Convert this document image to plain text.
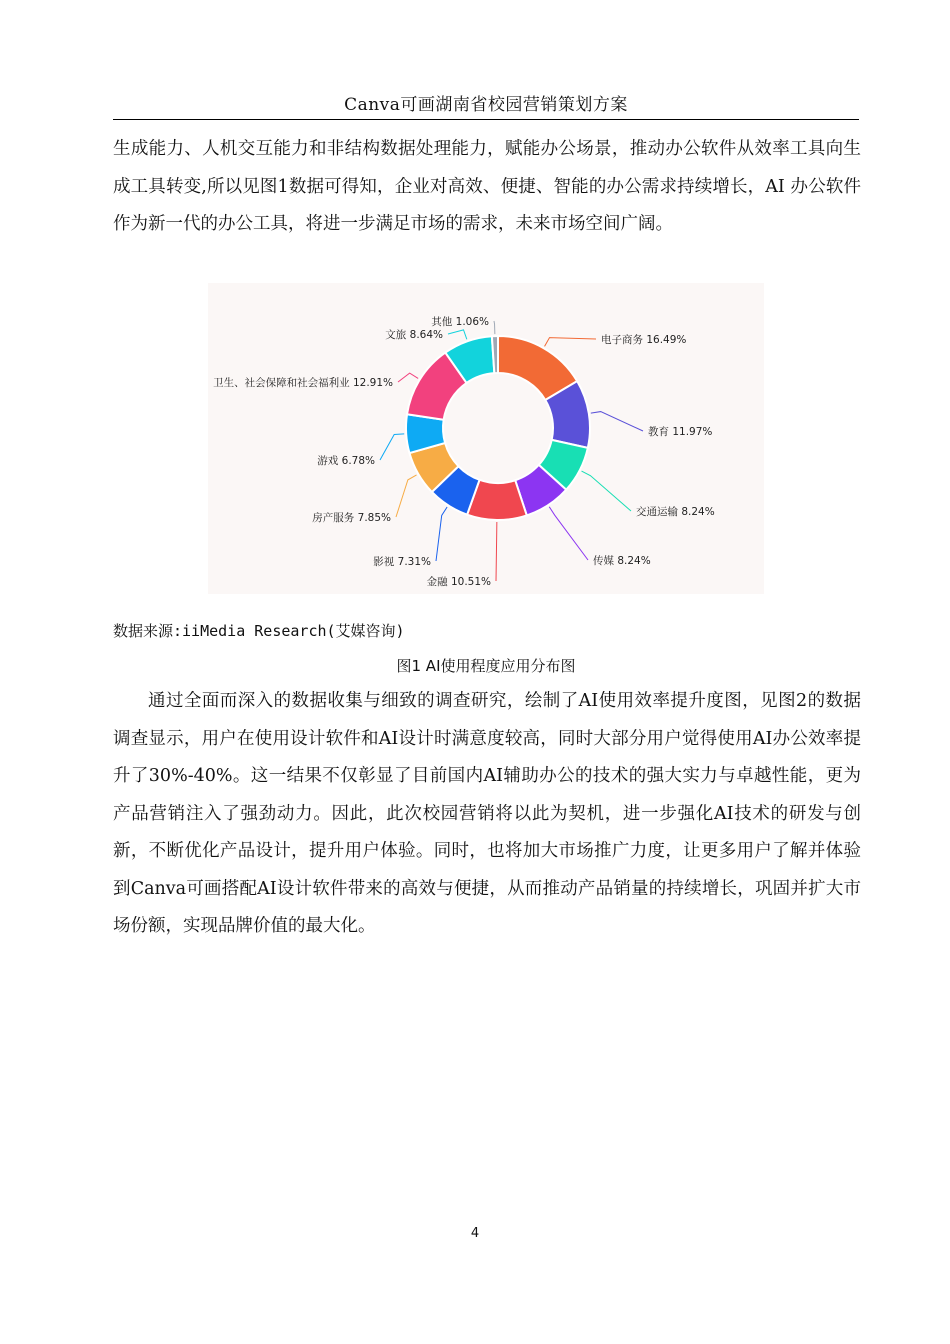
Canva可画湖南省校园营销策划方案

生成能力、人机交互能力和非结构数据处理能力，赋能办公场景，推动办公软件从效率工具向生成工具转变,所以见图1数据可得知，企业对高效、便捷、智能的办公需求持续增长，AI 办公软件作为新一代的办公工具，将进一步满足市场的需求，未来市场空间广阔。

电子商务 16.49%
教育 11.97%
交通运输 8.24%
传媒 8.24%
金融 10.51%
影视 7.31%
房产服务 7.85%
游戏 6.78%
卫生、社会保障和社会福利业 12.91%
文旅 8.64%
其他 1.06%
数据来源:iiMedia Research(艾媒咨询)
图1 AI使用程度应用分布图

通过全面而深入的数据收集与细致的调查研究，绘制了AI使用效率提升度图，见图2的数据调查显示，用户在使用设计软件和AI设计时满意度较高，同时大部分用户觉得使用AI办公效率提升了30%-40%。这一结果不仅彰显了目前国内AI辅助办公的技术的强大实力与卓越性能，更为产品营销注入了强劲动力。因此，此次校园营销将以此为契机，进一步强化AI技术的研发与创新，不断优化产品设计，提升用户体验。同时，也将加大市场推广力度，让更多用户了解并体验到Canva可画搭配AI设计软件带来的高效与便捷，从而推动产品销量的持续增长，巩固并扩大市场份额，实现品牌价值的最大化。

4
